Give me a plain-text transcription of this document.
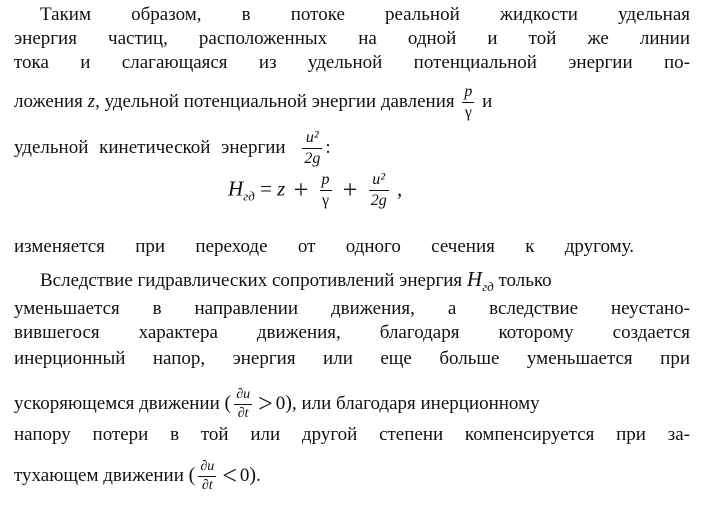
Таким образом, в потоке реальной жидкости удельная
энергия частиц, расположенных на одной и той же линии
тока и слагающаяся из удельной потенциальной энергии по-
ложения z, удельной потенциальной энергии давления $\frac{p}{\gamma}$ и
удельной кинетической энергии $\frac{\text{u²}}{2g}$ :
$H_{гд} = z + \frac{p}{\gamma} + \frac{\text{u²}}{2g}$ ,
изменяется при переходе от одного сечения к другому.
Вследствие гидравлических сопротивлений энергия $H_{гд}$ только
уменьшается в направлении движения, а вследствие неустано-
вившегося характера движения, благодаря которому создается
инерционный напор, энергия или еще больше уменьшается при
ускоряющемся движении ( $\frac{\partial u}{\partial t} > 0$), или благодаря инерционному
напору потери в той или другой степени компенсируется при за-
тухающем движении ( $\frac{\partial u}{\partial t} < 0$).
